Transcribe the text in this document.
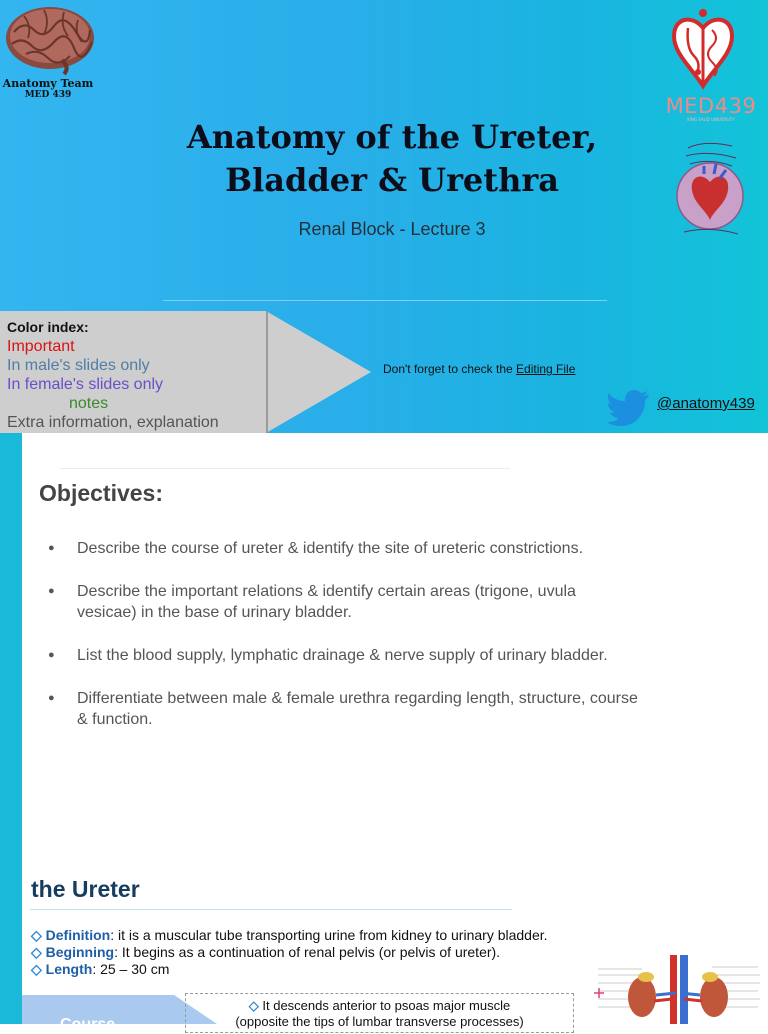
Anatomy Team
MED 439
Anatomy of the Ureter,
Bladder & Urethra
Renal Block - Lecture 3
MED439
KING SAUD UNIVERSITY
Color index:
Important
In male's slides only
In female's slides only
notes
Extra information, explanation
Don't forget to check the Editing File
@anatomy439
Objectives:
● Describe the course of ureter & identify the site of ureteric constrictions.
● Describe the important relations & identify certain areas (trigone, uvula vesicae) in the base of urinary bladder.
● List the blood supply, lymphatic drainage & nerve supply of urinary bladder.
● Differentiate between male & female urethra regarding length, structure, course & function.
the Ureter
◇ Definition: it is a muscular tube transporting urine from kidney to urinary bladder.
◇ Beginning: It begins as a continuation of renal pelvis (or pelvis of ureter).
◇ Length: 25 – 30 cm
Course
◇ It descends anterior to psoas major muscle
(opposite the tips of lumbar transverse processes)
